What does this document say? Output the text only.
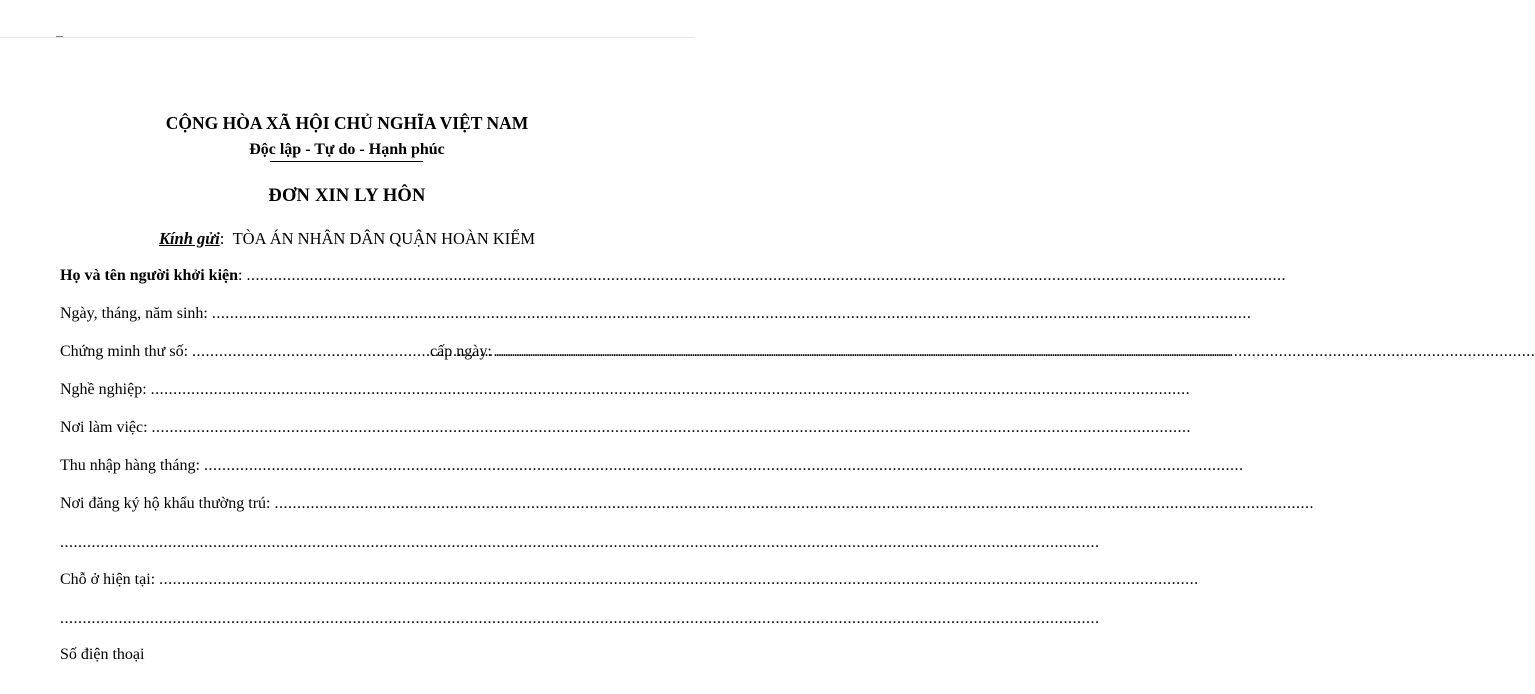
CỘNG HÒA XÃ HỘI CHỦ NGHĨA VIỆT NAM
Độc lập - Tự do - Hạnh phúc
ĐƠN XIN LY HÔN
Kính gửi:  TÒA ÁN NHÂN DÂN QUẬN HOÀN KIẾM
Họ và tên người khởi kiện :
.....
Ngày, tháng, năm sinh:

.....
Chứng minh thư số:

.....
	cấp ngày:

.....
Nghề nghiệp:

.....
Nơi làm việc:

.....
Thu nhập hàng tháng:

.....
Nơi đăng ký hộ khẩu thường trú:

.....
.....
Chỗ ở hiện tại:

.....
.....
Số điện thoại
